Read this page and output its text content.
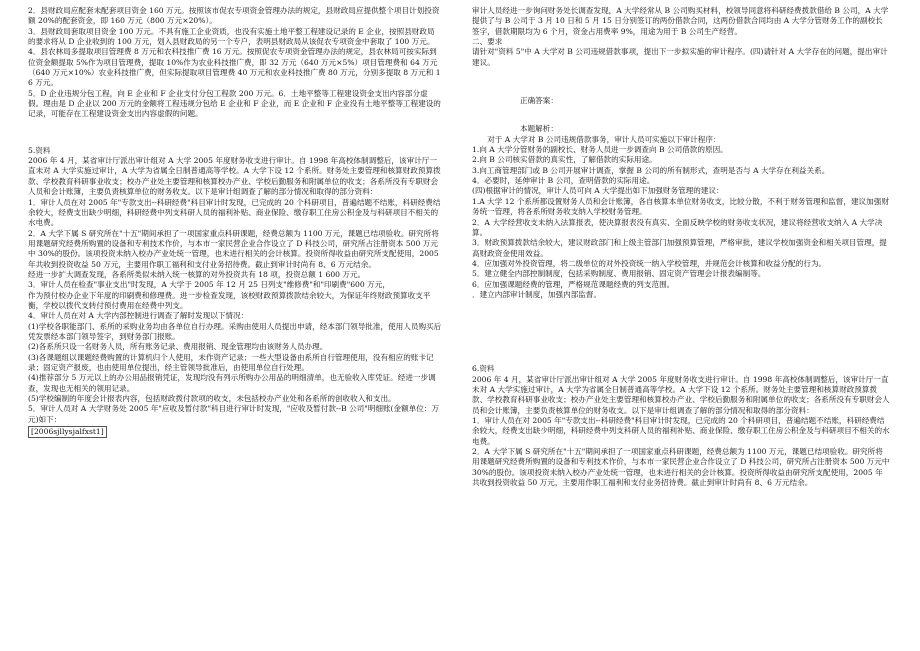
2．县财政局应配套未配套项目资金 160 万元。按照该市促农专项资金管理办法的规定，县财政局应提供整个项目计划投资额 20%的配套资金，即 160 万元（800 万元×20%）。

3．县财政局套取项目资金 100 万元。不具有施工企业资质，也没有实施土地平整工程建设记录的 E 企业，按照县财政局的要求将从 D 企业收到的 100 万元，划入县财政局的另一个专户，表明县财政局从该促农专项资金中套取了 100 万元。

4．县农林局多提取项目管理费 8 万元和农科技推广费 16 万元。按照促农专项资金管理办法的规定，县农林局可按实际到位资金额提取 5%作为项目管理费，提取 10%作为农业科技推广费，即 32 万元（640 万元×5%）项目管理费和 64 万元（640 万元×10%）农业科技推广费，但实际提取项目管理费 40 万元和农业科技推广费 80 万元，分别多提取 8 万元和 16 万元。

5．D 企业违规分包工程，向 E 企业和 F 企业支付分包工程款 200 万元。6．土地平整等工程建设资金支出内容部分虚假。理由是 D 企业以 200 万元的金额将工程违规分包给 E 企业和 F 企业，而 E 企业和 F 企业没有土地平整等工程建设的记录，可能存在工程建设资金支出内容虚假的问题。

5.资料

2006 年 4 月，某省审计厅派出审计组对 A 大学 2005 年度财务收支进行审计。自 1998 年高校体制调整后，该审计厅一直未对 A 大学实施过审计，A 大学为省属全日制普通高等学校。A 大学下设 12 个系所。财务处主要管理和核算财政预算拨款、学校教育科研事业收支；校办产业处主要管理和核算校办产业、学校后勤服务和附属单位的收支；各系所没有专职财会人员和会计账簿，主要负责核算单位的财务收支。以下是审计组调查了解的部分情况和取得的部分资料：

1．审计人员在对 2005 年"专款支出--科研经费"科目审计时发现，已完成的 20 个科研项目，普遍结题不结账，科研经费结余较大，经费支出缺少明细，科研经费中列支科研人员的福利补贴、商业保险、缴存职工住房公积金及与科研项目不相关的水电费。

2．A 大学下属 S 研究所在"十五"期间承担了一项国家重点科研课题，经费总额为 1100 万元，课题已结项验收。研究所将用课题研究经费所购置的设备和专利技术作价，与本市一家民营企业合作设立了 D 科技公司，研究所占注册资本 500 万元中 30%的股份。该项投资未纳入校办产业处统一管理，也未进行相关的会计核算。投资所得收益由研究所支配使用，2005 年共收到投资收益 50 万元，主要用作职工福利和支付业务招待费。截止到审计时尚有 8、6 万元结余。

经进一步扩大调查发现，各系所类似未纳入统一核算的对外投资共有 18 项，投资总额 1 600 万元。

3．审计人员在检查"事业支出"时发现，A 大学于 2005 年 12 月 25 日列支"维修费"和"印刷费"600 万元，

作为预付校办企业下年度的印刷费和修理费。进一步检查发现，该校财政预算拨款结余较大，为保证年终财政预算收支平衡，学校以拨代支转付预付费用在经费中列支。

4．审计人员在对 A 大学内部控制进行调查了解时发现以下情况：

(1)学校各职能部门、系所的采购业务均由各单位自行办理。采购由使用人员提出申请，经本部门领导批准，使用人员购买后凭发票经本部门领导签字，到财务部门报账。

(2)各系所只设一名财务人员，所有账务记录、费用报销、现金管理均由该财务人员办理。

(3)各课题组以课题经费购置的计算机归个人使用，未作资产记录；一些大型设备由系所自行管理使用，没有相应的账卡记录；固定资产报废，也由使用单位提出，经主管领导批准后，由使用单位自行处理。

(4)推荐部分 5 万元以上的办公用品报销凭证，发现均没有列示所购办公用品的明细清单，也无验收入库凭证。经进一步调查，发现也无相关的领用记录。

(5)学校编制的年度会计报表内容，包括财政拨付款项的收支，未包括校办产业处和各系所的创收收入和支出。

5．审计人员对 A 大学财务处 2005 年"应收及暂付款"科目进行审计时发现，"应收及暂付款--B 公司"明细账(金额单位：万元)如下：

[2006sjllysjalfxst1]

审计人员经进一步询问财务处长调查发现，A 大学经常从 B 公司购买材料，校领导同意将科研经费拨款借给 B 公司，A 大学提供了与 B 公司于 3 月 10 日和 5 月 15 日分别签订的两份借款合同，这两份借款合同均由 A 大学分管财务工作的副校长签字，借款期限均为 6 个月，资金占用费率 9%，用途为用于 B 公司生产经营。

二、要求

请针对"资料 5"中 A 大学对 B 公司违规借款事项，提出下一步拟实施的审计程序。(四)请针对 A 大学存在的问题，提出审计建议。

正确答案：

本题解析：

对于 A 大学对 B 公司违规借款事务，审计人员可实施以下审计程序：

1.向 A 大学分管财务的副校长、财务人员进一步调查向 B 公司借款的原因。

2.向 B 公司核实借款的真实性，了解借款的实际用途。

3.向工商管理部门或 B 公司开展审计调查，掌握 B 公司的所有制形式，查明是否与 A 大学存在利益关系。

4．必要时，延伸审计 B 公司，查明借款的实际用途。

(四)根据审计的情况，审计人员可向 A 大学提出如下加强财务管理的建议：

1.A 大学 12 个系所都设置财务人员和会计账簿，各自核算本单位财务收支，比较分散，不利于财务管理和监督，建议加强财务统一管理，将各系所财务收支纳入学校财务管理。

2．A 大学经营收支未纳入法算报表，使决算报表没有真实、全面反映学校的财务收支状况，建议将经营收支纳入 A 大学决算。

3．财政预算拨款结余较大，建议财政部门和上级主管部门加强预算管理，严格审批，建议学校加强资金和相关项目管理，提高财政资金使用效益。

4．应加强对外投资管理，将二级单位的对外投资统一纳入学校管理，并规范会计核算和收益分配的行为。

5．建立健全内部控制制度，包括采购制度、费用报销、固定资产管理会计报表编制等。

6．应加强课题经费的管理，严格规范课题经费的列支范围。

．建立内部审计制度，加强内部监督。

6.资料

2006 年 4 月，某省审计厅派出审计组对 A 大学 2005 年度财务收支进行审计。自 1998 年高校体制调整后，该审计厅一直未对 A 大学实施过审计，A 大学为省属全日制普通高等学校。A 大学下设 12 个系所。财务处主要管理和核算财政预算拨款、学校教育科研事业收支；校办产业处主要管理和核算校办产业、学校后勤服务和附属单位的收支；各系所没有专职财会人员和会计账簿，主要负责核算单位的财务收支。以下是审计组调查了解的部分情况和取得的部分资料：

1．审计人员在对 2005 年"专款支出--科研经费"科目审计时发现，已完成的 20 个科研项目，普遍结题不结账，科研经费结余较大，经费支出缺少明细，科研经费中列支科研人员的福利补贴、商业保险、缴存职工住房公积金及与科研项目不相关的水电费。

2．A 大学下属 S 研究所在"十五"期间承担了一项国家重点科研课题，经费总额为 1100 万元，课题已结项验收。研究所将用课题研究经费所购置的设备和专利技术作价，与本市一家民营企业合作设立了 D 科技公司，研究所占注册资本 500 万元中 30%的股份。该项投资未纳入校办产业处统一管理，也未进行相关的会计核算。投资所得收益由研究所支配使用，2005 年共收到投资收益 50 万元，主要用作职工福利和支付业务招待费。截止到审计时尚有 8、6 万元结余。
